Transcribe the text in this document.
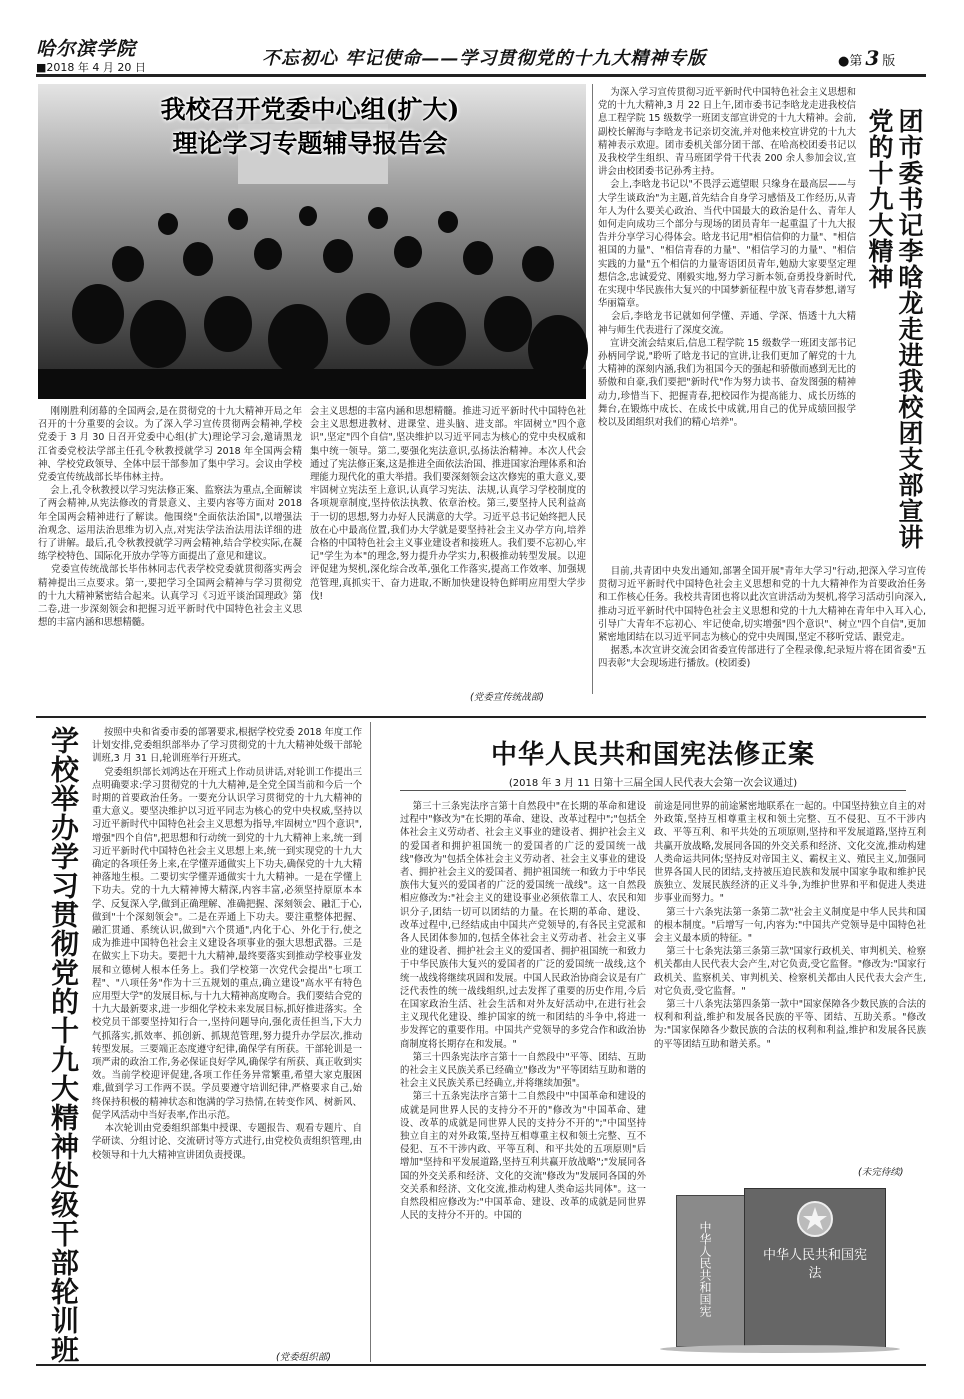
哈尔滨学院
■2018 年 4 月 20 日	不忘初心 牢记使命——学习贯彻党的十九大精神专版	●第 3 版
我校召开党委中心组(扩大)
理论学习专题辅导报告会
刚刚胜利闭幕的全国两会,是在贯彻党的十九大精神开局之年召开的十分重要的会议。为了深入学习宣传贯彻两会精神,学校党委于 3 月 30 日召开党委中心组(扩大)理论学习会,邀请黑龙江省委党校法学部主任孔令秋教授就学习 2018 年全国两会精神、学校党政领导、全体中层干部参加了集中学习。会议由学校党委宣传统战部长毕伟林主持。
会上,孔令秋教授以学习宪法修正案、监察法为重点,全面解读了两会精神,从宪法修改的背景意义、主要内容等方面对 2018 年全国两会精神进行了解读。他围绕"全面依法治国",以增强法治观念、运用法治思维为切入点,对宪法学法治法用法详细的进行了讲解。最后,孔令秋教授就学习两会精神,结合学校实际,在凝练学校特色、国际化开放办学等方面提出了意见和建议。
党委宣传统战部长毕伟林同志代表学校党委就贯彻落实两会精神提出三点要求。第一,要把学习全国两会精神与学习贯彻党的十九大精神紧密结合起来。认真学习《习近平谈治国理政》第二卷,进一步深刻领会和把握习近平新时代中国特色社会主义思想的丰富内涵和思想精髓。
会主义思想的丰富内涵和思想精髓。推进习近平新时代中国特色社会主义思想进教材、进课堂、进头脑、进支部。牢固树立"四个意识",坚定"四个自信",坚决维护以习近平同志为核心的党中央权威和集中统一领导。第二,要强化宪法意识,弘扬法治精神。本次人代会通过了宪法修正案,这是推进全面依法治国、推进国家治理体系和治理能力现代化的重大举措。我们要深刻领会这次修宪的重大意义,要牢固树立宪法至上意识,认真学习宪法、法规,认真学习学校制度的各项规章制度,坚持依法执教、依章治校。第三,要坚持人民利益高于一切的思想,努力办好人民满意的大学。习近平总书记始终把人民放在心中最高位置,我们办大学就是要坚持社会主义办学方向,培养合格的中国特色社会主义事业建设者和接班人。我们要不忘初心,牢记"学生为本"的理念,努力提升办学实力,积极推动转型发展。以迎评促建为契机,深化综合改革,强化工作落实,提高工作效率、加强规范管理,真抓实干、奋力进取,不断加快建设特色鲜明应用型大学步伐!
(党委宣传统战部)
为深入学习宣传贯彻习近平新时代中国特色社会主义思想和党的十九大精神,3 月 22 日上午,团市委书记李晗龙走进我校信息工程学院 15 级数学一班团支部宣讲党的十九大精神。会前,副校长解海与李晗龙书记亲切交流,并对他来校宣讲党的十九大精神表示欢迎。团市委机关部分团干部、在哈高校团委书记以及我校学生组织、青马班团学骨干代表 200 余人参加会议,宣讲会由校团委书记孙秀主持。
会上,李晗龙书记以"不畏浮云遮望眼 只缘身在最高层——与大学生谈政治"为主题,首先结合自身学习感悟及工作经历,从青年人为什么要关心政治、当代中国最大的政治是什么、青年人如何走向成功三个部分与现场的团员青年一起重温了十九大报告并分享学习心得体会。晗龙书记用"相信信仰的力量"、"相信祖国的力量"、"相信青春的力量"、"相信学习的力量"、"相信实践的力量"五个相信的力量寄语团员青年,勉励大家要坚定理想信念,忠诚爱党、刚毅实地,努力学习新本领,奋勇投身新时代,在实现中华民族伟大复兴的中国梦新征程中放飞青春梦想,谱写华丽篇章。
会后,李晗龙书记就如何学懂、弄通、学深、悟透十九大精神与师生代表进行了深度交流。
宣讲交流会结束后,信息工程学院 15 级数学一班团支部书记孙柄同学说,"聆听了晗龙书记的宣讲,让我们更加了解党的十九大精神的深刻内涵,我们为祖国今天的强起和骄傲而感到无比的骄傲和自豪,我们要把"新时代"作为努力读书、奋发图强的精神动力,珍惜当下、把握青春,把校园作为提高能力、成长历练的舞台,在锻炼中成长、在成长中成就,用自己的优异成绩回报学校以及团组织对我们的精心培养"。	团市委书记李晗龙走进我校团支部宣讲党的十九大精神
目前,共青团中央发出通知,部署全国开展"青年大学习"行动,把深入学习宣传贯彻习近平新时代中国特色社会主义思想和党的十九大精神作为首要政治任务和工作核心任务。我校共青团也将以此次宣讲活动为契机,将学习活动引向深入,推动习近平新时代中国特色社会主义思想和党的十九大精神在青年中入耳入心,引导广大青年不忘初心、牢记使命,切实增强"四个意识"、树立"四个自信",更加紧密地团结在以习近平同志为核心的党中央周围,坚定不移听党话、跟党走。
据悉,本次宣讲交流会团省委宣传部进行了全程录像,纪录短片将在团省委"五四表彰"大会现场进行播放。(校团委)
学校举办学习贯彻党的十九大精神处级干部轮训班	按照中央和省委市委的部署要求,根据学校党委 2018 年度工作计划安排,党委组织部举办了学习贯彻党的十九大精神处级干部轮训班,3 月 31 日,轮训班举行开班式。
党委组织部长刘鸿达在开班式上作动员讲话,对轮训工作提出三点明确要求:学习贯彻党的十九大精神,是全党全国当前和今后一个时期的首要政治任务。一要充分认识学习贯彻党的十九大精神的重大意义。要坚决维护以习近平同志为核心的党中央权威,坚持以习近平新时代中国特色社会主义思想为指导,牢固树立"四个意识",增强"四个自信",把思想和行动统一到党的十九大精神上来,统一到习近平新时代中国特色社会主义思想上来,统一到实现党的十九大确定的各项任务上来,在学懂弄通做实上下功夫,确保党的十九大精神落地生根。二要切实学懂弄通做实十九大精神。一是在学懂上下功夫。党的十九大精神博大精深,内容丰富,必须坚持原原本本学、反复深入学,做到正确理解、准确把握、深刻领会、融汇于心,做到"十个深刻领会"。二是在弄通上下功夫。要注重整体把握、融汇贯通、系统认识,做到"六个贯通",内化于心、外化于行,使之成为推进中国特色社会主义建设各项事业的强大思想武器。三是在做实上下功夫。要把十九大精神,最终要落实到推动学校事业发展和立德树人根本任务上。我们学校第一次党代会提出"七项工程"、"八项任务"作为十三五规划的重点,确立建设"高水平有特色应用型大学"的发展目标,与十九大精神高度吻合。我们要结合党的十九大最新要求,进一步细化学校未来发展目标,抓好推进落实。全校党员干部要坚持知行合一,坚持问题导向,强化责任担当,下大力气抓落实,抓效率、抓创新、抓规范管理,努力提升办学层次,推动转型发展。三要端正态度遵守纪律,确保学有所获。干部轮训是一项严肃的政治工作,务必保证良好学风,确保学有所获、真正收到实效。当前学校迎评促建,各项工作任务异常繁重,希望大家克服困难,做到学习工作两不误。学员要遵守培训纪律,严格要求自己,始终保持积极的精神状态和饱满的学习热情,在转变作风、树新风、促学风活动中当好表率,作出示范。
本次轮训由党委组织部集中授课、专题报告、观看专题片、自学研读、分组讨论、交流研讨等方式进行,由党校负责组织管理,由校领导和十九大精神宣讲团负责授课。
(党委组织部)
中华人民共和国宪法修正案
(2018 年 3 月 11 日第十三届全国人民代表大会第一次会议通过)
第三十三条宪法序言第十自然段中"在长期的革命和建设过程中"修改为"在长期的革命、建设、改革过程中";"包括全体社会主义劳动者、社会主义事业的建设者、拥护社会主义的爱国者和拥护祖国统一的爱国者的广泛的爱国统一战线"修改为"包括全体社会主义劳动者、社会主义事业的建设者、拥护社会主义的爱国者、拥护祖国统一和致力于中华民族伟大复兴的爱国者的广泛的爱国统一战线"。这一自然段相应修改为:"社会主义的建设事业必须依靠工人、农民和知识分子,团结一切可以团结的力量。在长期的革命、建设、改革过程中,已经结成由中国共产党领导的,有各民主党派和各人民团体参加的,包括全体社会主义劳动者、社会主义事业的建设者、拥护社会主义的爱国者、拥护祖国统一和致力于中华民族伟大复兴的爱国者的广泛的爱国统一战线,这个统一战线将继续巩固和发展。中国人民政治协商会议是有广泛代表性的统一战线组织,过去发挥了重要的历史作用,今后在国家政治生活、社会生活和对外友好活动中,在进行社会主义现代化建设、维护国家的统一和团结的斗争中,将进一步发挥它的重要作用。中国共产党领导的多党合作和政治协商制度将长期存在和发展。"
第三十四条宪法序言第十一自然段中"平等、团结、互助的社会主义民族关系已经确立"修改为"平等团结互助和谐的社会主义民族关系已经确立,并将继续加强"。
第三十五条宪法序言第十二自然段中"中国革命和建设的成就是同世界人民的支持分不开的"修改为"中国革命、建设、改革的成就是同世界人民的支持分不开的";"中国坚持独立自主的对外政策,坚持互相尊重主权和领土完整、互不侵犯、互不干涉内政、平等互利、和平共处的五项原则"后增加"坚持和平发展道路,坚持互利共赢开放战略";"发展同各国的外交关系和经济、文化的交流"修改为"发展同各国的外交关系和经济、文化交流,推动构建人类命运共同体"。这一自然段相应修改为:"中国革命、建设、改革的成就是同世界人民的支持分不开的。中国的
前途是同世界的前途紧密地联系在一起的。中国坚持独立自主的对外政策,坚持互相尊重主权和领土完整、互不侵犯、互不干涉内政、平等互利、和平共处的五项原则,坚持和平发展道路,坚持互利共赢开放战略,发展同各国的外交关系和经济、文化交流,推动构建人类命运共同体;坚持反对帝国主义、霸权主义、殖民主义,加强同世界各国人民的团结,支持被压迫民族和发展中国家争取和维护民族独立、发展民族经济的正义斗争,为维护世界和平和促进人类进步事业而努力。"
第三十六条宪法第一条第二款"社会主义制度是中华人民共和国的根本制度。"后增写一句,内容为:"中国共产党领导是中国特色社会主义最本质的特征。"
第三十七条宪法第三条第三款"国家行政机关、审判机关、检察机关都由人民代表大会产生,对它负责,受它监督。"修改为:"国家行政机关、监察机关、审判机关、检察机关都由人民代表大会产生,对它负责,受它监督。"
第三十八条宪法第四条第一款中"国家保障各少数民族的合法的权利和利益,维护和发展各民族的平等、团结、互助关系。"修改为:"国家保障各少数民族的合法的权利和利益,维护和发展各民族的平等团结互助和谐关系。"
(未完待续)
中华人民共和国宪	中华人民共和国宪法
